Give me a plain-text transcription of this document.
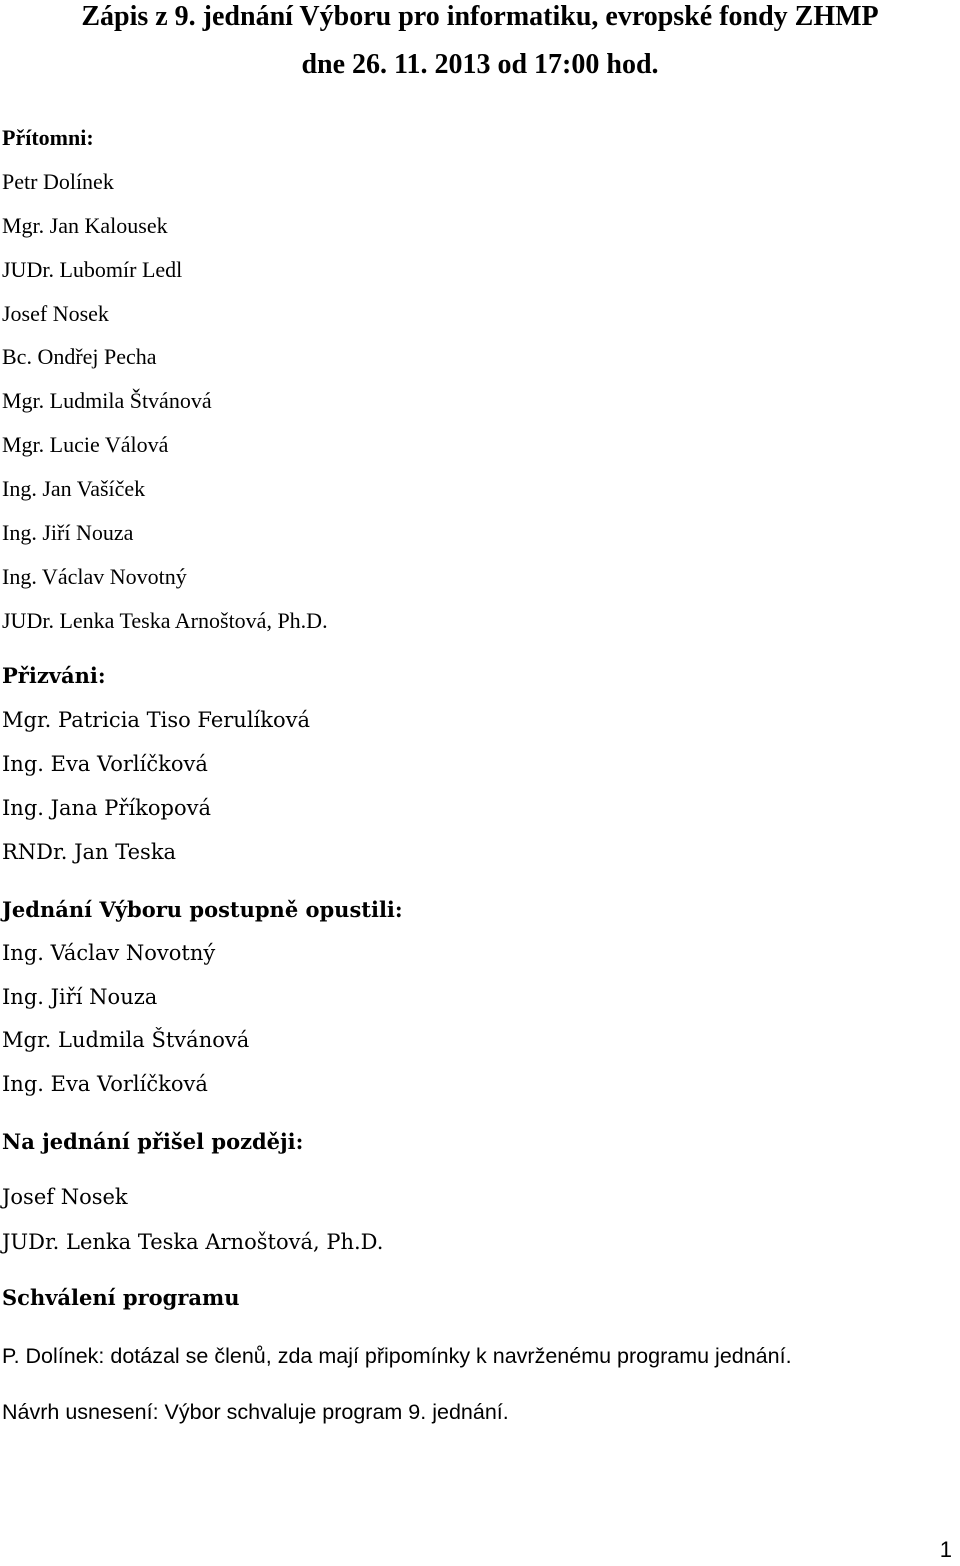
Zápis z 9. jednání Výboru pro informatiku, evropské fondy ZHMP
dne 26. 11. 2013 od 17:00 hod.
Přítomni:
Petr Dolínek
Mgr. Jan Kalousek
JUDr. Lubomír Ledl
Josef Nosek
Bc. Ondřej Pecha
Mgr. Ludmila Štvánová
Mgr. Lucie Válová
Ing. Jan Vašíček
Ing. Jiří Nouza
Ing. Václav Novotný
JUDr. Lenka Teska Arnoštová, Ph.D.
Přizváni:
Mgr. Patricia Tiso Ferulíková
Ing. Eva Vorlíčková
Ing. Jana Příkopová
RNDr. Jan Teska
Jednání Výboru postupně opustili:
Ing. Václav Novotný
Ing. Jiří Nouza
Mgr. Ludmila Štvánová
Ing. Eva Vorlíčková
Na jednání přišel později:
Josef Nosek
JUDr. Lenka Teska Arnoštová, Ph.D.
Schválení programu
P. Dolínek: dotázal se členů, zda mají připomínky k navrženému programu jednání.
Návrh usnesení: Výbor schvaluje program 9. jednání.
1
